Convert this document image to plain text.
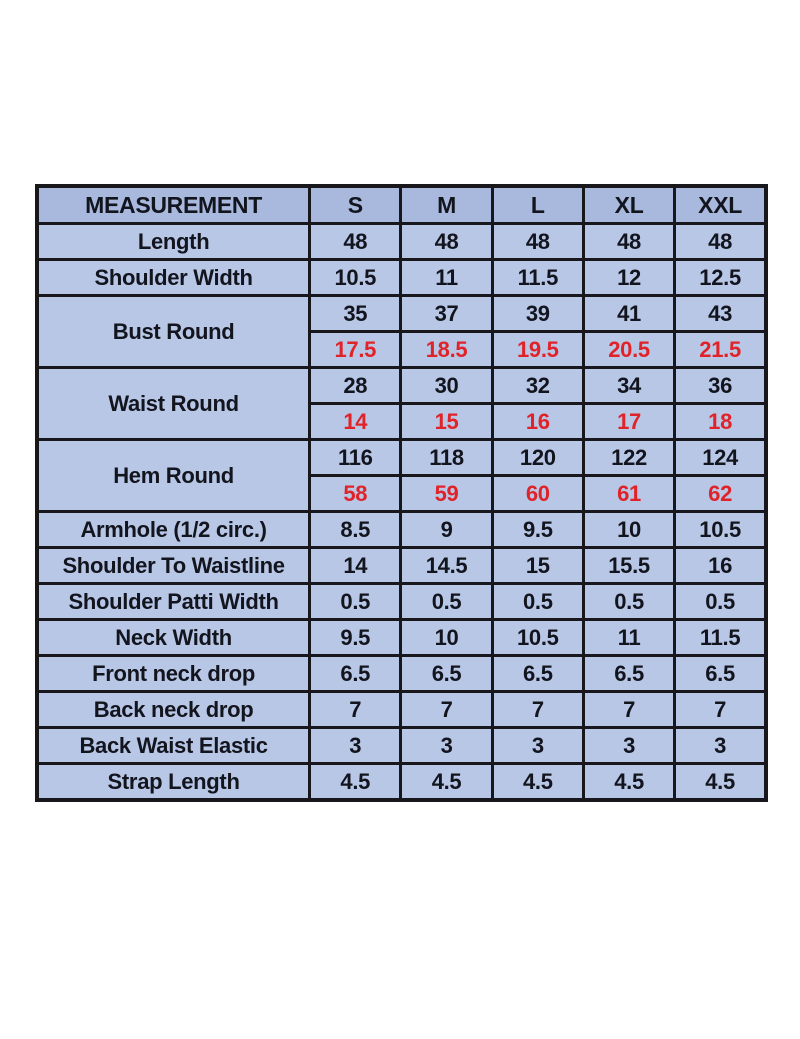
MEASUREMENT	S	M	L	XL	XXL
Length	48	48	48	48	48
Shoulder Width	10.5	11	11.5	12	12.5
Bust Round	35	37	39	41	43
	17.5	18.5	19.5	20.5	21.5
Waist Round	28	30	32	34	36
	14	15	16	17	18
Hem Round	116	118	120	122	124
	58	59	60	61	62
Armhole (1/2 circ.)	8.5	9	9.5	10	10.5
Shoulder To Waistline	14	14.5	15	15.5	16
Shoulder Patti Width	0.5	0.5	0.5	0.5	0.5
Neck Width	9.5	10	10.5	11	11.5
Front neck drop	6.5	6.5	6.5	6.5	6.5
Back neck drop	7	7	7	7	7
Back Waist Elastic	3	3	3	3	3
Strap Length	4.5	4.5	4.5	4.5	4.5
